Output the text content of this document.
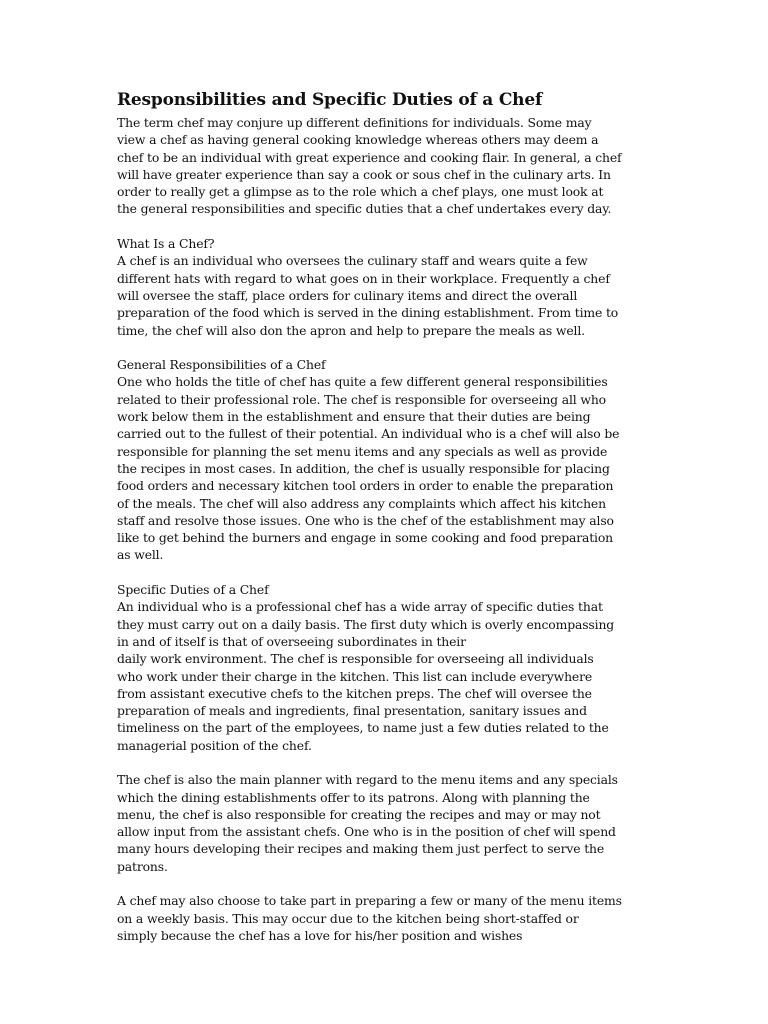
Responsibilities and Specific Duties of a Chef

The term chef may conjure up different definitions for individuals. Some may
view a chef as having general cooking knowledge whereas others may deem a
chef to be an individual with great experience and cooking flair. In general, a chef
will have greater experience than say a cook or sous chef in the culinary arts. In
order to really get a glimpse as to the role which a chef plays, one must look at
the general responsibilities and specific duties that a chef undertakes every day.

What Is a Chef?
A chef is an individual who oversees the culinary staff and wears quite a few
different hats with regard to what goes on in their workplace. Frequently a chef
will oversee the staff, place orders for culinary items and direct the overall
preparation of the food which is served in the dining establishment. From time to
time, the chef will also don the apron and help to prepare the meals as well.

General Responsibilities of a Chef
One who holds the title of chef has quite a few different general responsibilities
related to their professional role. The chef is responsible for overseeing all who
work below them in the establishment and ensure that their duties are being
carried out to the fullest of their potential. An individual who is a chef will also be
responsible for planning the set menu items and any specials as well as provide
the recipes in most cases. In addition, the chef is usually responsible for placing
food orders and necessary kitchen tool orders in order to enable the preparation
of the meals. The chef will also address any complaints which affect his kitchen
staff and resolve those issues. One who is the chef of the establishment may also
like to get behind the burners and engage in some cooking and food preparation
as well.

Specific Duties of a Chef
An individual who is a professional chef has a wide array of specific duties that
they must carry out on a daily basis. The first duty which is overly encompassing
in and of itself is that of overseeing subordinates in their
daily work environment. The chef is responsible for overseeing all individuals
who work under their charge in the kitchen. This list can include everywhere
from assistant executive chefs to the kitchen preps. The chef will oversee the
preparation of meals and ingredients, final presentation, sanitary issues and
timeliness on the part of the employees, to name just a few duties related to the
managerial position of the chef.

The chef is also the main planner with regard to the menu items and any specials
which the dining establishments offer to its patrons. Along with planning the
menu, the chef is also responsible for creating the recipes and may or may not
allow input from the assistant chefs. One who is in the position of chef will spend
many hours developing their recipes and making them just perfect to serve the
patrons.

A chef may also choose to take part in preparing a few or many of the menu items
on a weekly basis. This may occur due to the kitchen being short-staffed or
simply because the chef has a love for his/her position and wishes
